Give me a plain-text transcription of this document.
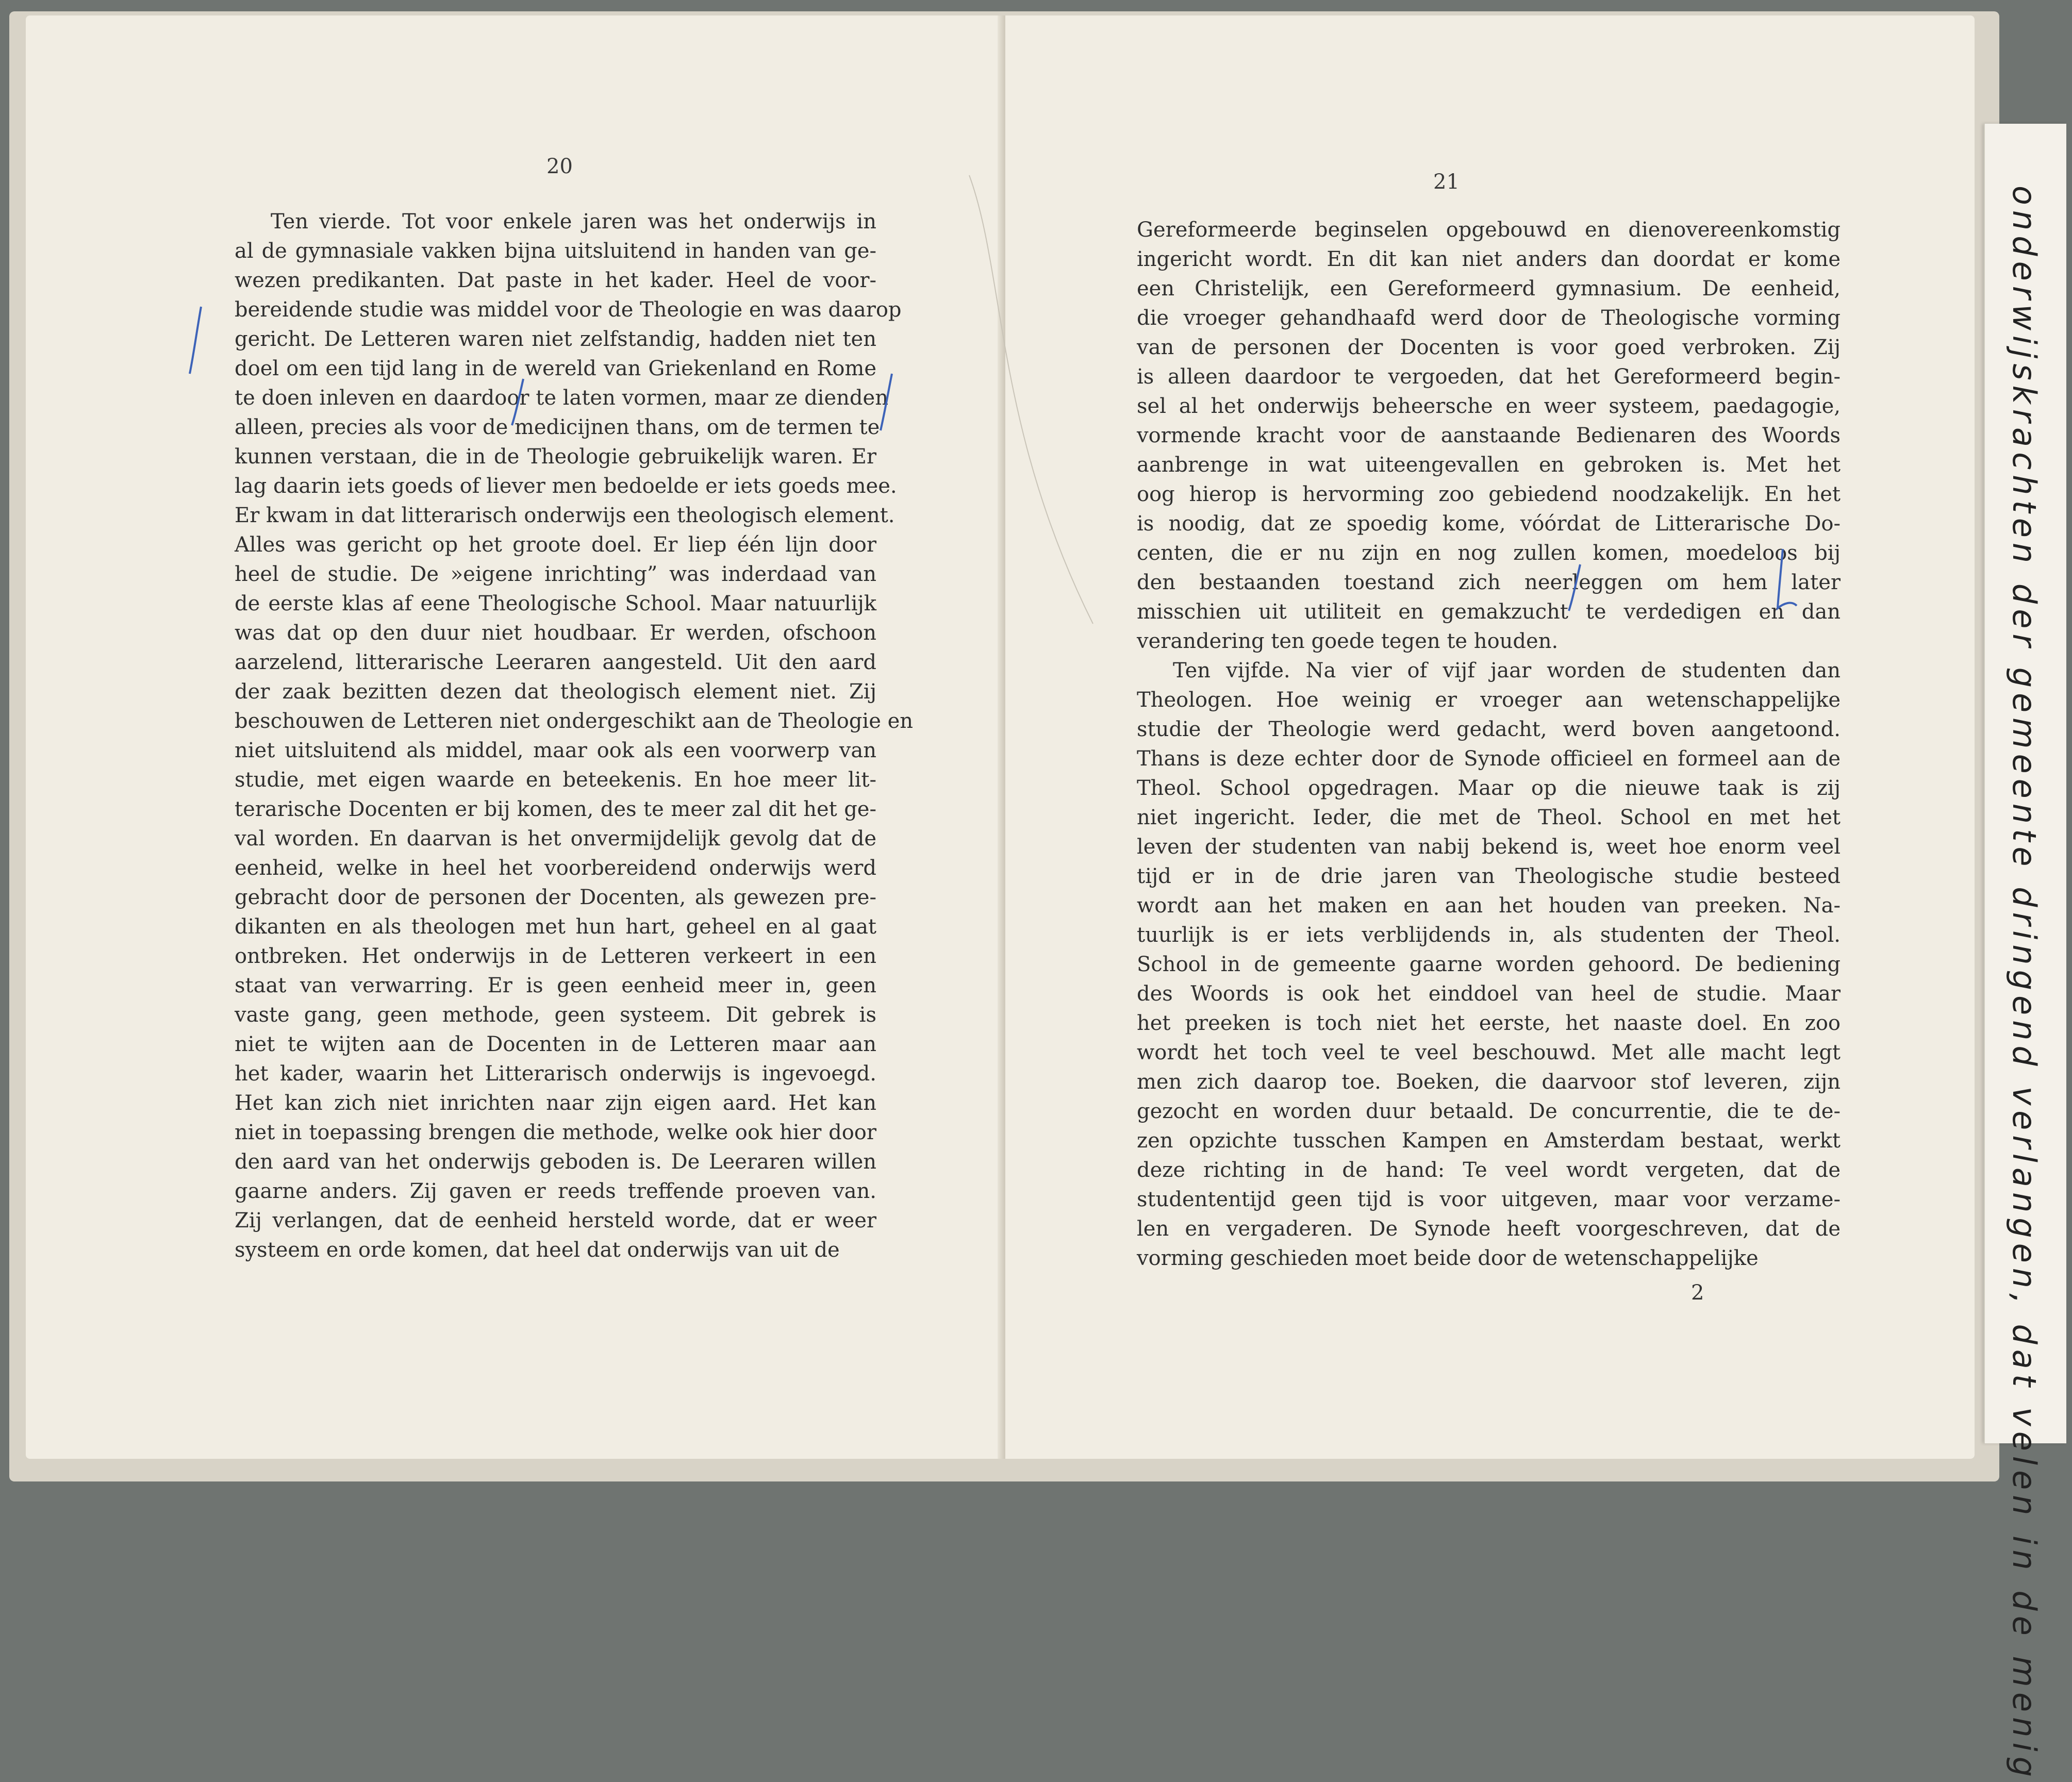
20
Ten vierde. Tot voor enkele jaren was het onderwijs in
al de gymnasiale vakken bijna uitsluitend in handen van ge-
wezen predikanten. Dat paste in het kader. Heel de voor-
bereidende studie was middel voor de Theologie en was daarop
gericht. De Letteren waren niet zelfstandig, hadden niet ten
doel om een tijd lang in de wereld van Griekenland en Rome
te doen inleven en daardoor te laten vormen, maar ze dienden
alleen, precies als voor de medicijnen thans, om de termen te
kunnen verstaan, die in de Theologie gebruikelijk waren. Er
lag daarin iets goeds of liever men bedoelde er iets goeds mee.
Er kwam in dat litterarisch onderwijs een theologisch element.
Alles was gericht op het groote doel. Er liep één lijn door
heel de studie. De »eigene inrichting” was inderdaad van
de eerste klas af eene Theologische School. Maar natuurlijk
was dat op den duur niet houdbaar. Er werden, ofschoon
aarzelend, litterarische Leeraren aangesteld. Uit den aard
der zaak bezitten dezen dat theologisch element niet. Zij
beschouwen de Letteren niet ondergeschikt aan de Theologie en
niet uitsluitend als middel, maar ook als een voorwerp van
studie, met eigen waarde en beteekenis. En hoe meer lit-
terarische Docenten er bij komen, des te meer zal dit het ge-
val worden. En daarvan is het onvermijdelijk gevolg dat de
eenheid, welke in heel het voorbereidend onderwijs werd
gebracht door de personen der Docenten, als gewezen pre-
dikanten en als theologen met hun hart, geheel en al gaat
ontbreken. Het onderwijs in de Letteren verkeert in een
staat van verwarring. Er is geen eenheid meer in, geen
vaste gang, geen methode, geen systeem. Dit gebrek is
niet te wijten aan de Docenten in de Letteren maar aan
het kader, waarin het Litterarisch onderwijs is ingevoegd.
Het kan zich niet inrichten naar zijn eigen aard. Het kan
niet in toepassing brengen die methode, welke ook hier door
den aard van het onderwijs geboden is. De Leeraren willen
gaarne anders. Zij gaven er reeds treffende proeven van.
Zij verlangen, dat de eenheid hersteld worde, dat er weer
systeem en orde komen, dat heel dat onderwijs van uit de
21
Gereformeerde beginselen opgebouwd en dienovereenkomstig
ingericht wordt. En dit kan niet anders dan doordat er kome
een Christelijk, een Gereformeerd gymnasium. De eenheid,
die vroeger gehandhaafd werd door de Theologische vorming
van de personen der Docenten is voor goed verbroken. Zij
is alleen daardoor te vergoeden, dat het Gereformeerd begin-
sel al het onderwijs beheersche en weer systeem, paedagogie,
vormende kracht voor de aanstaande Bedienaren des Woords
aanbrenge in wat uiteengevallen en gebroken is. Met het
oog hierop is hervorming zoo gebiedend noodzakelijk. En het
is noodig, dat ze spoedig kome, vóórdat de Litterarische Do-
centen, die er nu zijn en nog zullen komen, moedeloos bij
den bestaanden toestand zich neerleggen om hem later
misschien uit utiliteit en gemakzucht te verdedigen en dan
verandering ten goede tegen te houden.
Ten vijfde. Na vier of vijf jaar worden de studenten dan
Theologen. Hoe weinig er vroeger aan wetenschappelijke
studie der Theologie werd gedacht, werd boven aangetoond.
Thans is deze echter door de Synode officieel en formeel aan de
Theol. School opgedragen. Maar op die nieuwe taak is zij
niet ingericht. Ieder, die met de Theol. School en met het
leven der studenten van nabij bekend is, weet hoe enorm veel
tijd er in de drie jaren van Theologische studie besteed
wordt aan het maken en aan het houden van preeken. Na-
tuurlijk is er iets verblijdends in, als studenten der Theol.
School in de gemeente gaarne worden gehoord. De bediening
des Woords is ook het einddoel van heel de studie. Maar
het preeken is toch niet het eerste, het naaste doel. En zoo
wordt het toch veel te veel beschouwd. Met alle macht legt
men zich daarop toe. Boeken, die daarvoor stof leveren, zijn
gezocht en worden duur betaald. De concurrentie, die te de-
zen opzichte tusschen Kampen en Amsterdam bestaat, werkt
deze richting in de hand: Te veel wordt vergeten, dat de
studententijd geen tijd is voor uitgeven, maar voor verzame-
len en vergaderen. De Synode heeft voorgeschreven, dat de
vorming geschieden moet beide door de wetenschappelijke
2	onderwijskrachten der gemeente dringend verlangen, dat velen in de menig
